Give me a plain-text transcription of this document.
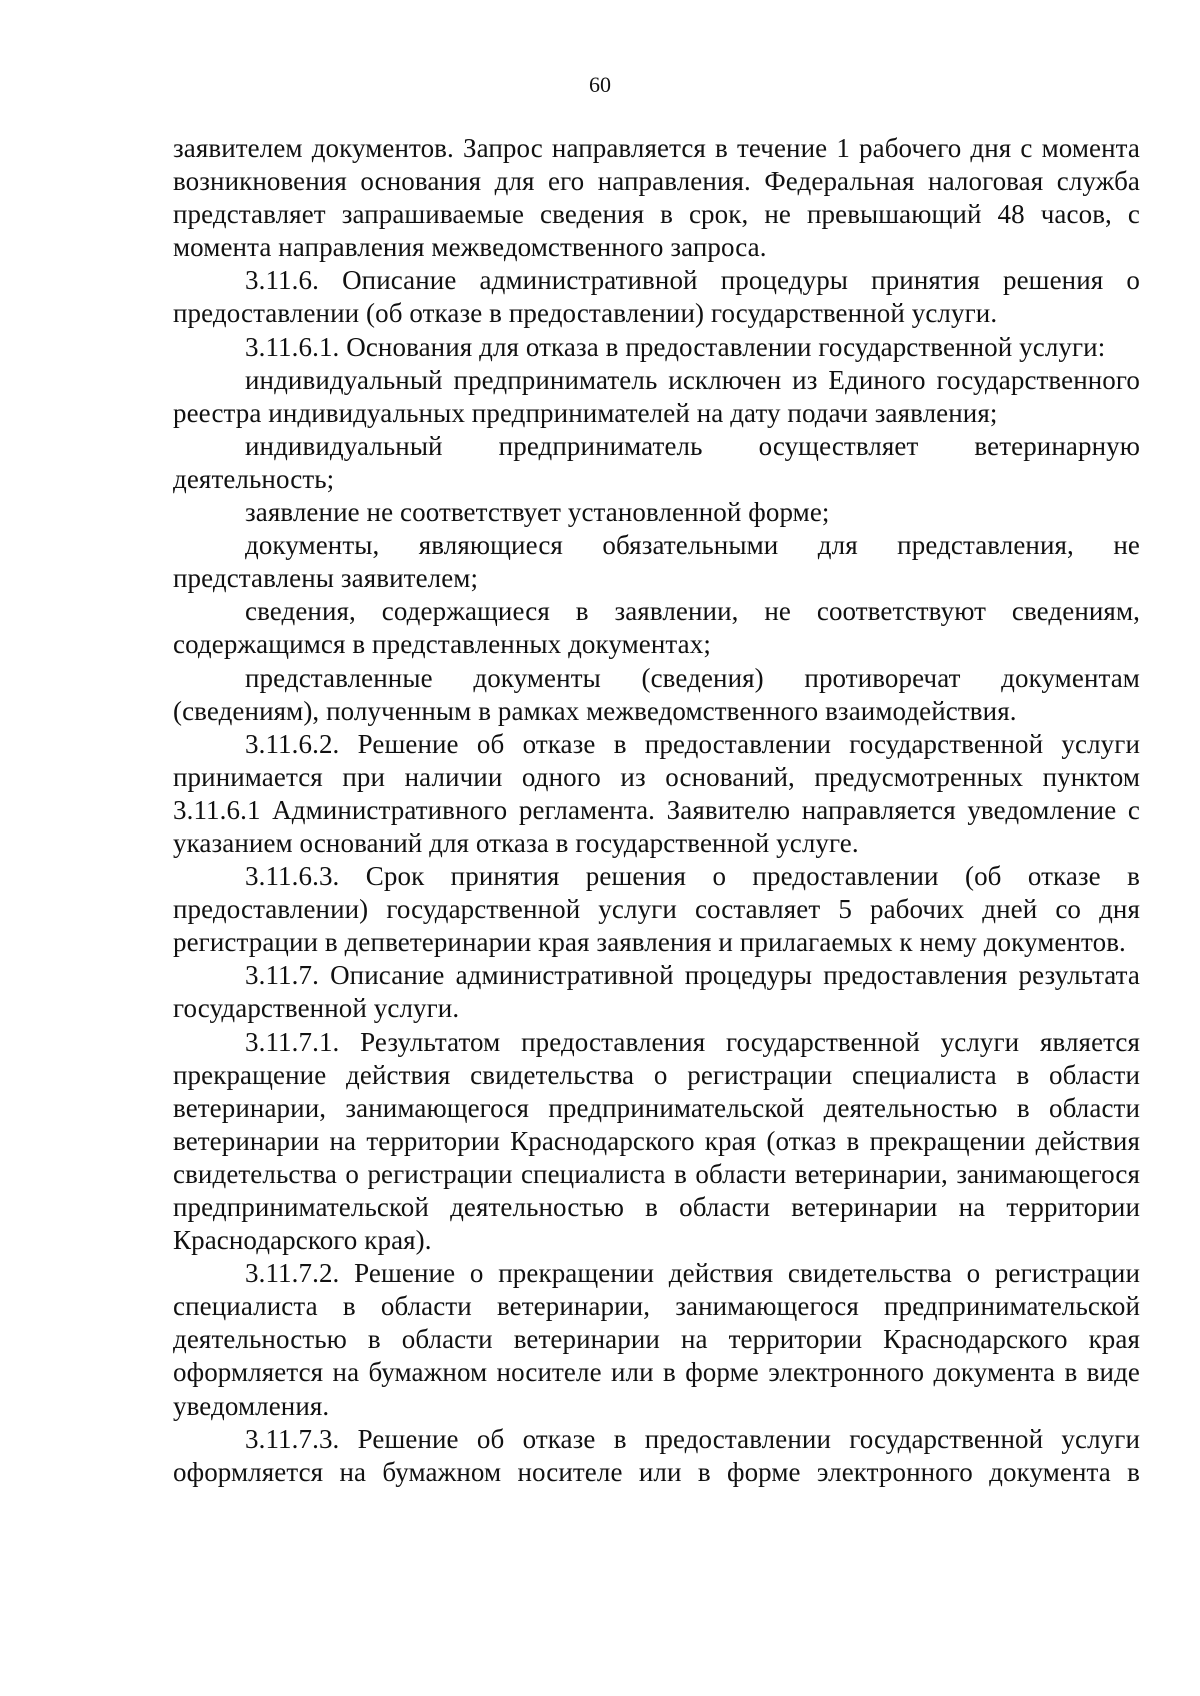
60

заявителем документов. Запрос направляется в течение 1 рабочего дня с момента возникновения основания для его направления. Федеральная налоговая служба представляет запрашиваемые сведения в срок, не превышающий 48 часов, с момента направления межведомственного запроса.

3.11.6. Описание административной процедуры принятия решения о предоставлении (об отказе в предоставлении) государственной услуги.

3.11.6.1. Основания для отказа в предоставлении государственной услуги:

индивидуальный предприниматель исключен из Единого государственного реестра индивидуальных предпринимателей на дату подачи заявления;

индивидуальный предприниматель осуществляет ветеринарную деятельность;

заявление не соответствует установленной форме;

документы, являющиеся обязательными для представления, не представлены заявителем;

сведения, содержащиеся в заявлении, не соответствуют сведениям, содержащимся в представленных документах;

представленные документы (сведения) противоречат документам (сведениям), полученным в рамках межведомственного взаимодействия.

3.11.6.2. Решение об отказе в предоставлении государственной услуги принимается при наличии одного из оснований, предусмотренных пунктом 3.11.6.1 Административного регламента. Заявителю направляется уведомление с указанием оснований для отказа в государственной услуге.

3.11.6.3. Срок принятия решения о предоставлении (об отказе в предоставлении) государственной услуги составляет 5 рабочих дней со дня регистрации в депветеринарии края заявления и прилагаемых к нему документов.

3.11.7. Описание административной процедуры предоставления результата государственной услуги.

3.11.7.1. Результатом предоставления государственной услуги является прекращение действия свидетельства о регистрации специалиста в области ветеринарии, занимающегося предпринимательской деятельностью в области ветеринарии на территории Краснодарского края (отказ в прекращении действия свидетельства о регистрации специалиста в области ветеринарии, занимающегося предпринимательской деятельностью в области ветеринарии на территории Краснодарского края).

3.11.7.2. Решение о прекращении действия свидетельства о регистрации специалиста в области ветеринарии, занимающегося предпринимательской деятельностью в области ветеринарии на территории Краснодарского края оформляется на бумажном носителе или в форме электронного документа в виде уведомления.

3.11.7.3. Решение об отказе в предоставлении государственной услуги оформляется на бумажном носителе или в форме электронного документа в
